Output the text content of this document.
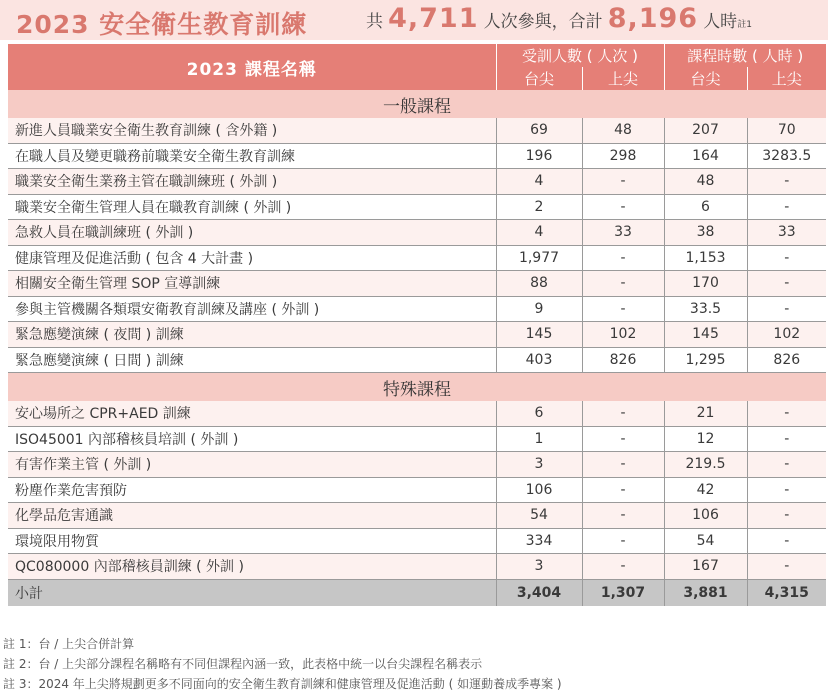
2023 安全衛生教育訓練	共 4,711 人次參與，合計 8,196 人時註1
2023 課程名稱	受訓人數 ( 人次 )		課程時數 ( 人時 )	
	台尖	上尖	台尖	上尖
一般課程				
新進人員職業安全衛生教育訓練 ( 含外籍 )	69	48	207	70
在職人員及變更職務前職業安全衛生教育訓練	196	298	164	3283.5
職業安全衛生業務主管在職訓練班 ( 外訓 )	4	-	48	-
職業安全衛生管理人員在職教育訓練 ( 外訓 )	2	-	6	-
急救人員在職訓練班 ( 外訓 )	4	33	38	33
健康管理及促進活動 ( 包含 4 大計畫 )	1,977	-	1,153	-
相關安全衛生管理 SOP 宣導訓練	88	-	170	-
參與主管機關各類環安衛教育訓練及講座 ( 外訓 )	9	-	33.5	-
緊急應變演練 ( 夜間 ) 訓練	145	102	145	102
緊急應變演練 ( 日間 ) 訓練	403	826	1,295	826
特殊課程				
安心場所之 CPR+AED 訓練	6	-	21	-
ISO45001 內部稽核員培訓 ( 外訓 )	1	-	12	-
有害作業主管 ( 外訓 )	3	-	219.5	-
粉塵作業危害預防	106	-	42	-
化學品危害通識	54	-	106	-
環境限用物質	334	-	54	-
QC080000 內部稽核員訓練 ( 外訓 )	3	-	167	-
小計	3,404	1,307	3,881	4,315
註 1：台 / 上尖合併計算
註 2：台 / 上尖部分課程名稱略有不同但課程內涵一致，此表格中統一以台尖課程名稱表示
註 3：2024 年上尖將規劃更多不同面向的安全衛生教育訓練和健康管理及促進活動 ( 如運動養成季專案 )
